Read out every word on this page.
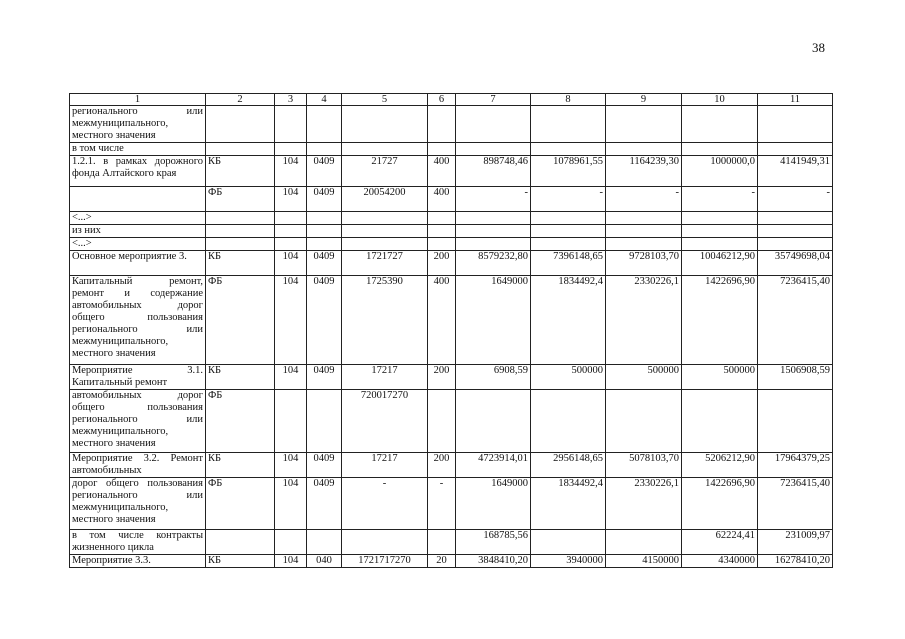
38
1	2	3	4	5	6	7	8	9	10	11
регионального или межмуниципального, местного значения										
в том числе										
1.2.1. в рамках дорожного фонда Алтайского края	КБ	104	0409	21727	400	898748,46	1078961,55	1164239,30	1000000,0	4141949,31
	ФБ	104	0409	20054200	400	-	-	-	-	-
<...>										
из них										
<...>										
Основное мероприятие 3.	КБ	104	0409	1721727	200	8579232,80	7396148,65	9728103,70	10046212,90	35749698,04
Капитальный ремонт, ремонт и содержание автомобильных дорог общего пользования регионального или межмуниципального, местного значения	ФБ	104	0409	1725390	400	1649000	1834492,4	2330226,1	1422696,90	7236415,40
Мероприятие 3.1. Капитальный ремонт	КБ	104	0409	17217	200	6908,59	500000	500000	500000	1506908,59
автомобильных дорог общего пользования регионального или межмуниципального, местного значения	ФБ			720017270						
Мероприятие 3.2. Ремонт автомобильных	КБ	104	0409	17217	200	4723914,01	2956148,65	5078103,70	5206212,90	17964379,25
дорог общего пользования регионального или межмуниципального, местного значения	ФБ	104	0409	-	-	1649000	1834492,4	2330226,1	1422696,90	7236415,40
в том числе контракты жизненного цикла						168785,56			62224,41	231009,97
Мероприятие 3.3.	КБ	104	040	1721717270	20	3848410,20	3940000	4150000	4340000	16278410,20
